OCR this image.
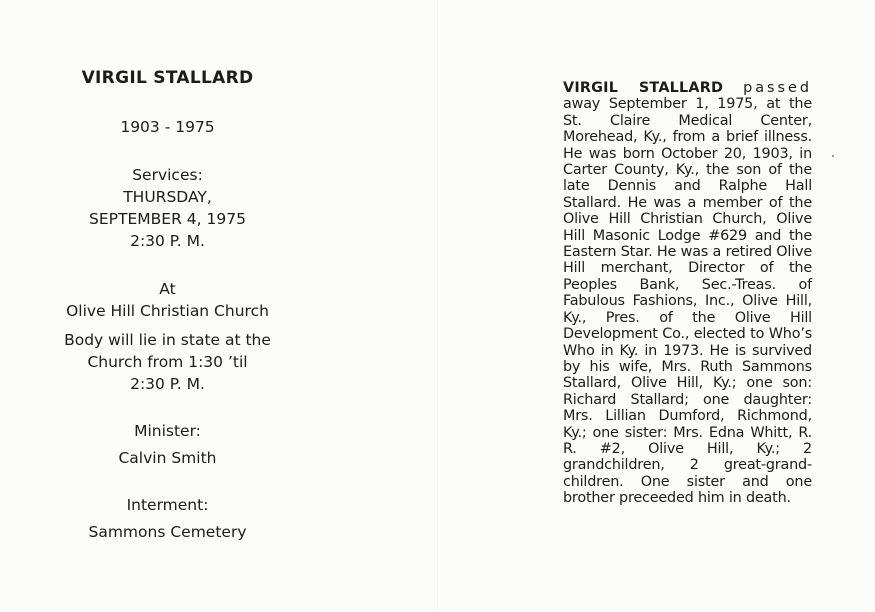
VIRGIL STALLARD
1903 - 1975
Services:
THURSDAY,
SEPTEMBER 4, 1975
2:30 P. M.
At
Olive Hill Christian Church
Body will lie in state at the
Church from 1:30 ’til
2:30 P. M.
Minister:
Calvin Smith
Interment:
Sammons Cemetery
VIRGIL STALLARD passed away September 1, 1975, at the St. Claire Medical Center, Morehead, Ky., from a brief illness. He was born October 20, 1903, in Carter County, Ky., the son of the late Dennis and Ralphe Hall Stallard. He was a member of the Olive Hill Christian Church, Olive Hill Masonic Lodge #629 and the Eastern Star. He was a retired Olive Hill merchant, Director of the Peoples Bank, Sec.-Treas. of Fabulous Fashions, Inc., Olive Hill, Ky., Pres. of the Olive Hill Development Co., elected to Who’s Who in Ky. in 1973. He is survived by his wife, Mrs. Ruth Sammons Stallard, Olive Hill, Ky.; one son: Richard Stallard; one daughter: Mrs. Lillian Dumford, Richmond, Ky.; one sister: Mrs. Edna Whitt, R. R. #2, Olive Hill, Ky.; 2 grandchildren, 2 great-grand-children. One sister and one brother preceeded him in death.
